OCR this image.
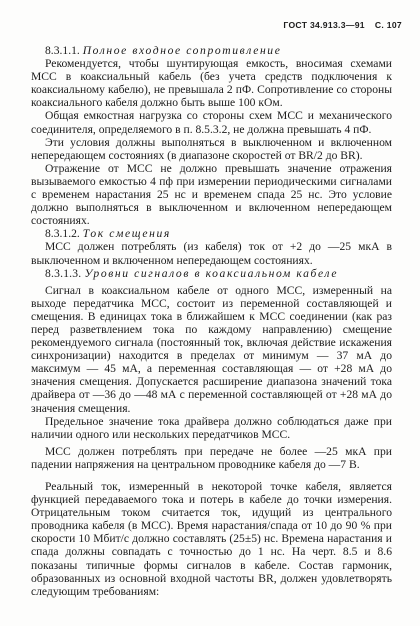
ГОСТ 34.913.3—91 С. 107

8.3.1.1. Полное входное сопротивление

Рекомендуется, чтобы шунтирующая емкость, вносимая схемами МСС в коаксиальный кабель (без учета средств подключения к коаксиальному кабелю), не превышала 2 пФ. Сопротивление со стороны коаксиального кабеля должно быть выше 100 кОм.

Общая емкостная нагрузка со стороны схем МСС и механического соединителя, определяемого в п. 8.5.3.2, не должна превышать 4 пФ.

Эти условия должны выполняться в выключенном и включенном непередающем состояниях (в диапазоне скоростей от BR/2 до BR).

Отражение от МСС не должно превышать значение отражения вызываемого емкостью 4 пф при измерении периодическими сигналами с временем нарастания 25 нс и временем спада 25 нс. Это условие должно выполняться в выключенном и включенном непередающем состояниях.

8.3.1.2. Ток смещения

МСС должен потреблять (из кабеля) ток от +2 до —25 мкА в выключенном и включенном непередающем состояниях.

8.3.1.3. Уровни сигналов в коаксиальном кабеле

Сигнал в коаксиальном кабеле от одного МСС, измеренный на выходе передатчика МСС, состоит из переменной составляющей и смещения. В единицах тока в ближайшем к МСС соединении (как раз перед разветвлением тока по каждому направлению) смещение рекомендуемого сигнала (постоянный ток, включая действие искажения синхронизации) находится в пределах от минимум — 37 мА до максимум — 45 мА, а переменная составляющая — от +28 мА до значения смещения. Допускается расширение диапазона значений тока драйвера от —36 до —48 мА с переменной составляющей от +28 мА до значения смещения.

Предельное значение тока драйвера должно соблюдаться даже при наличии одного или нескольких передатчиков МСС.

МСС должен потреблять при передаче не более —25 мкА при падении напряжения на центральном проводнике кабеля до —7 В.

Реальный ток, измеренный в некоторой точке кабеля, является функцией передаваемого тока и потерь в кабеле до точки измерения. Отрицательным током считается ток, идущий из центрального проводника кабеля (в МСС). Время нарастания/спада от 10 до 90 % при скорости 10 Мбит/с должно составлять (25±5) нс. Времена нарастания и спада должны совпадать с точностью до 1 нс. На черт. 8.5 и 8.6 показаны типичные формы сигналов в кабеле. Состав гармоник, образованных из основной входной частоты BR, должен удовлетворять следующим требованиям:
